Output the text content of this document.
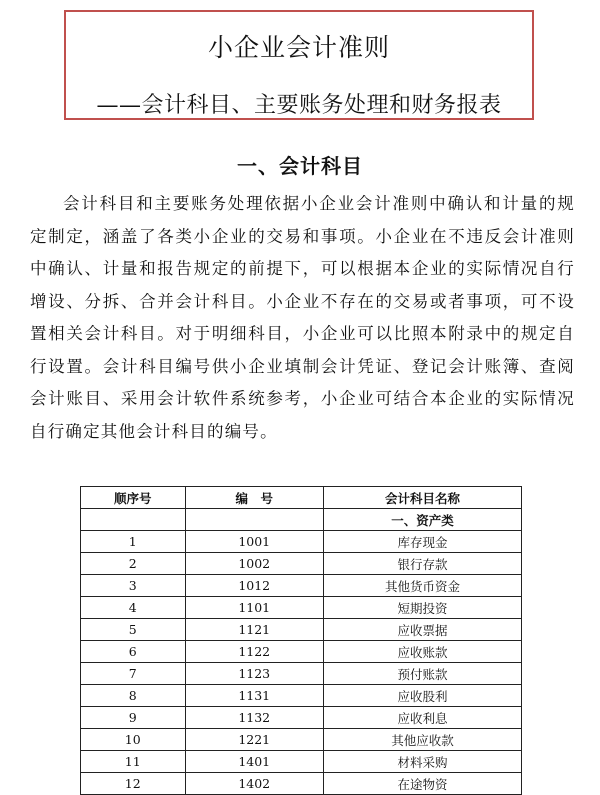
小企业会计准则
——会计科目、主要账务处理和财务报表
一、会计科目

会计科目和主要账务处理依据小企业会计准则中确认和计量的规定制定，涵盖了各类小企业的交易和事项。小企业在不违反会计准则中确认、计量和报告规定的前提下，可以根据本企业的实际情况自行增设、分拆、合并会计科目。小企业不存在的交易或者事项，可不设置相关会计科目。对于明细科目，小企业可以比照本附录中的规定自行设置。会计科目编号供小企业填制会计凭证、登记会计账簿、查阅会计账目、采用会计软件系统参考，小企业可结合本企业的实际情况自行确定其他会计科目的编号。

顺序号	编　号	会计科目名称
		一、资产类
1	1001	库存现金
2	1002	银行存款
3	1012	其他货币资金
4	1101	短期投资
5	1121	应收票据
6	1122	应收账款
7	1123	预付账款
8	1131	应收股利
9	1132	应收利息
10	1221	其他应收款
11	1401	材料采购
12	1402	在途物资
